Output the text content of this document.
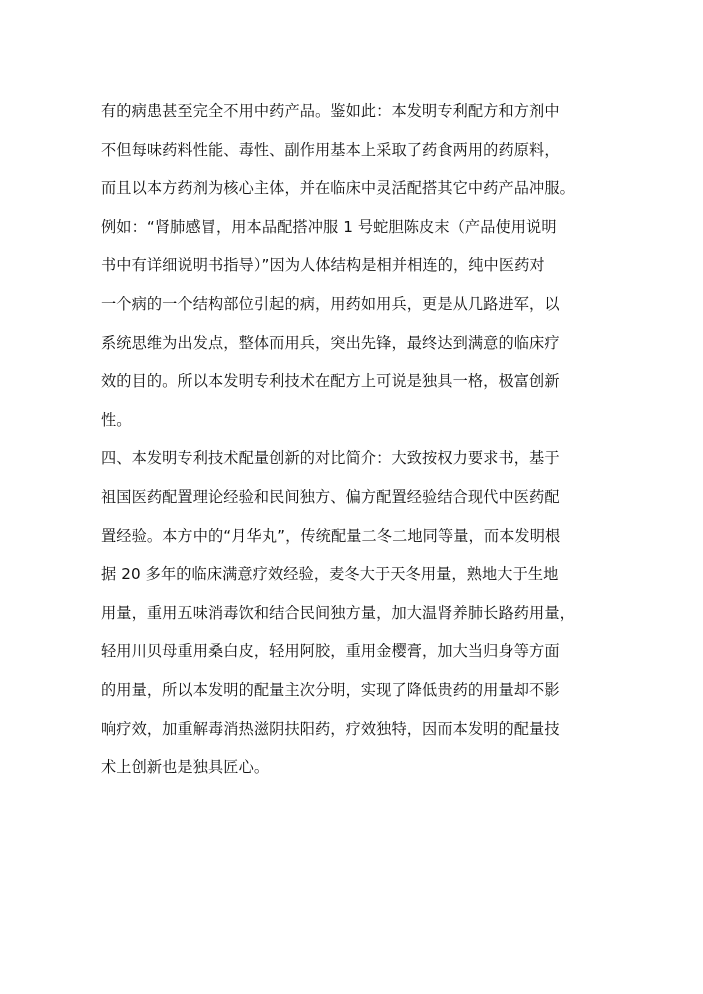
有的病患甚至完全不用中药产品。鉴如此：本发明专利配方和方剂中
不但每味药料性能、毒性、副作用基本上采取了药食两用的药原料，
而且以本方药剂为核心主体，并在临床中灵活配搭其它中药产品冲服。
例如：“肾肺感冒，用本品配搭冲服 1 号蛇胆陈皮末（产品使用说明
书中有详细说明书指导）”因为人体结构是相并相连的，纯中医药对
一个病的一个结构部位引起的病，用药如用兵，更是从几路进军，以
系统思维为出发点，整体而用兵，突出先锋，最终达到满意的临床疗
效的目的。所以本发明专利技术在配方上可说是独具一格，极富创新
性。
四、本发明专利技术配量创新的对比简介：大致按权力要求书，基于
祖国医药配置理论经验和民间独方、偏方配置经验结合现代中医药配
置经验。本方中的“月华丸”，传统配量二冬二地同等量，而本发明根
据 20 多年的临床满意疗效经验，麦冬大于天冬用量，熟地大于生地
用量，重用五味消毒饮和结合民间独方量，加大温肾养肺长路药用量，
轻用川贝母重用桑白皮，轻用阿胶，重用金樱膏，加大当归身等方面
的用量，所以本发明的配量主次分明，实现了降低贵药的用量却不影
响疗效，加重解毒消热滋阴扶阳药，疗效独特，因而本发明的配量技
术上创新也是独具匠心。
